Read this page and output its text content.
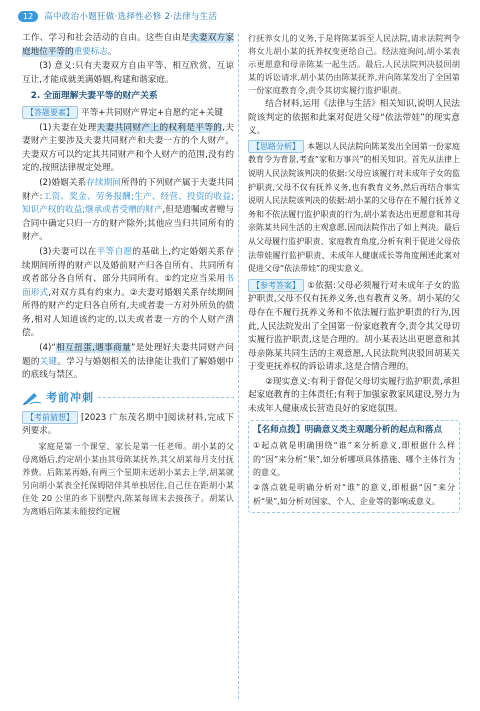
12	高中政治小题狂做·选择性必修 2·法律与生活

工作、学习和社会活动的自由。这些自由是夫妻双方家庭地位平等的重要标志。

(3) 意义:只有夫妻双方自由平等、相互欣赏、互谅互让,才能成就美满婚姻,构建和谐家庭。

2. 全面理解夫妻平等的财产关系

【答题要素】 平等+共同财产界定+自愿约定+关键

(1)夫妻在处理夫妻共同财产上的权利是平等的,夫妻财产主要涉及夫妻共同财产和夫妻一方的个人财产。夫妻双方可以约定其共同财产和个人财产的范围,没有约定的,按照法律规定处理。

(2)婚姻关系存续期间所得的下列财产属于夫妻共同财产:工资、奖金、劳务报酬;生产、经营、投资的收益;知识产权的收益;继承或者受赠的财产,但是遗嘱或者赠与合同中确定只归一方的财产除外;其他应当归共同所有的财产。

(3)夫妻可以在平等自愿的基础上,约定婚姻关系存续期间所得的财产以及婚前财产归各自所有、共同所有或者部分各自所有、部分共同所有。①约定应当采用书面形式,对双方具有约束力。②夫妻对婚姻关系存续期间所得的财产约定归各自所有,夫或者妻一方对外所负的债务,相对人知道该约定的,以夫或者妻一方的个人财产清偿。

(4)“相互扭蛋,遇事商量”是处理好夫妻共同财产问题的关键。学习与婚姻相关的法律能让我们了解婚姻中的底线与禁区。

考前冲刺

【考前猜想】 [2023 广东茂名期中]阅读材料,完成下列要求。

家庭是第一个课堂、家长是第一任老师。胡小某的父母离婚后,约定胡小某由其母陈某抚养,其父胡某每月支付抚养费。后陈某再婚,有两三个星期未送胡小某去上学,胡某就另向胡小某表全托保姆陪伴其单独居住,自己住在距胡小某住处 20 公里的乡下别墅内,陈某每周末去接孩子。胡某认为离婚后陈某未能按约定履

行抚养女儿的义务,于是将陈某诉至人民法院,请求法院判令将女儿胡小某的抚养权变更给自己。经法庭询问,胡小某表示更愿意和母亲陈某一起生活。最后,人民法院判决驳回胡某的诉讼请求,胡小某仍由陈某抚养,并向陈某发出了全国第一份家庭教育令,责令其切实履行监护职责。

结合材料,运用《法律与生活》相关知识,说明人民法院该判定的依据和此案对促进父母“依法带娃”的现实意义。

【思路分析】 本题以人民法院向陈某发出全国第一份家庭教育令为背景,考查“家和万事兴”的相关知识。首先从法律上说明人民法院该判决的依据:父母应该履行对未成年子女的监护职责,父母不仅有抚养义务,也有教育义务,然后再结合事实说明人民法院该判决的依据:胡小某的父母存在不履行抚养义务和不依法履行监护职责的行为,胡小某表达出更愿意和其母亲陈某共同生活的主观意愿,因而法院作出了如上判决。最后从父母履行监护职责、家庭教育角度,分析有利于促进父母依法带娃履行监护职责、未成年人健康成长等角度阐述此案对促进父母“依法带娃”的现实意义。

【参考答案】 ①依据:父母必须履行对未成年子女的监护职责,父母不仅有抚养义务,也有教育义务。胡小某的父母存在不履行抚养义务和不依法履行监护职责的行为,因此,人民法院发出了全国第一份家庭教育令,责令其父母切实履行监护职责,这是合理的。胡小某表达出更愿意和其母亲陈某共同生活的主观意愿,人民法院判决驳回胡某关于变更抚养权的诉讼请求,这是合情合理的。

②现实意义:有利于督促父母切实履行监护职责,承担起家庭教育的主体责任;有利于加强家教家风建设,努力为未成年人健康成长营造良好的家庭氛围。

【名师点拨】明确意义类主观题分析的起点和落点

①起点就是明确围绕“谁”来分析意义,即根据什么样的“因”来分析“果”,如分析哪项具体措施、哪个主体行为的意义。

②落点就是明确分析对“谁”的意义,即根据“因”来分析“果”,如分析对国家、个人、企业等的影响或意义。
